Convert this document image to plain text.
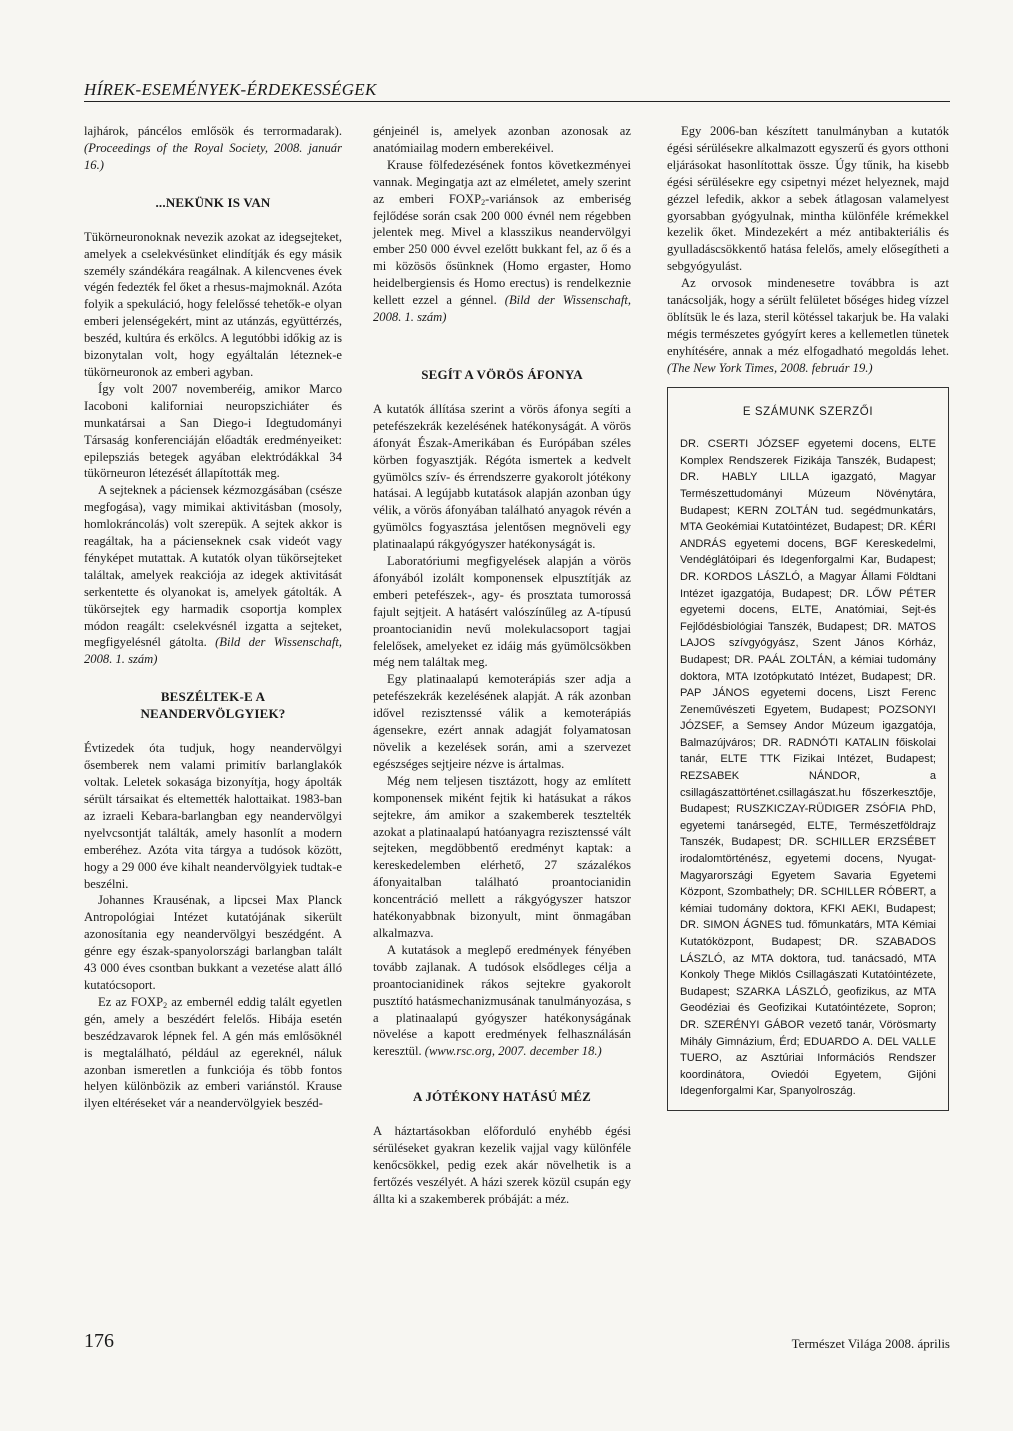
HÍREK-ESEMÉNYEK-ÉRDEKESSÉGEK

lajhárok, páncélos emlősök és terrormadarak). (Proceedings of the Royal Society, 2008. január 16.)

...NEKÜNK IS VAN

Tükörneuronoknak nevezik azokat az idegsejteket, amelyek a cselekvésünket elindítják és egy másik személy szándékára reagálnak. A kilencvenes évek végén fedezték fel őket a rhesus-majmoknál. Azóta folyik a spekuláció, hogy felelőssé tehetők-e olyan emberi jelenségekért, mint az utánzás, együttérzés, beszéd, kultúra és erkölcs. A legutóbbi időkig az is bizonytalan volt, hogy egyáltalán léteznek-e tükörneuronok az emberi agyban.

Így volt 2007 novemberéig, amikor Marco Iacoboni kaliforniai neuropszichiáter és munkatársai a San Diego-i Idegtudományi Társaság konferenciáján előadták eredményeiket: epilepsziás betegek agyában elektródákkal 34 tükörneuron létezését állapították meg.

A sejteknek a páciensek kézmozgásában (csésze megfogása), vagy mimikai aktivitásban (mosoly, homlokráncolás) volt szerepük. A sejtek akkor is reagáltak, ha a pácienseknek csak videót vagy fényképet mutattak. A kutatók olyan tükörsejteket találtak, amelyek reakciója az idegek aktivitását serkentette és olyanokat is, amelyek gátolták. A tükörsejtek egy harmadik csoportja komplex módon reagált: cselekvésnél izgatta a sejteket, megfigyelésnél gátolta. (Bild der Wissenschaft, 2008. 1. szám)

BESZÉLTEK-E A
NEANDERVÖLGYIEK?

Évtizedek óta tudjuk, hogy neandervölgyi ősemberek nem valami primitív barlanglakók voltak. Leletek sokasága bizonyítja, hogy ápolták sérült társaikat és eltemették halottaikat. 1983-ban az izraeli Kebara-barlangban egy neandervölgyi nyelvcsontját találták, amely hasonlít a modern emberéhez. Azóta vita tárgya a tudósok között, hogy a 29 000 éve kihalt neandervölgyiek tudtak-e beszélni.

Johannes Krausénak, a lipcsei Max Planck Antropológiai Intézet kutatójának sikerült azonosítania egy neandervölgyi beszédgént. A génre egy észak-spanyolországi barlangban talált 43 000 éves csontban bukkant a vezetése alatt álló kutatócsoport.

Ez az $FOXP_2$ az embernél eddig talált egyetlen gén, amely a beszédért felelős. Hibája esetén beszédzavarok lépnek fel. A gén más emlősöknél is megtalálható, például az egereknél, náluk azonban ismeretlen a funkciója és több fontos helyen különbözik az emberi variánstól. Krause ilyen eltéréseket vár a neandervölgyiek beszéd-

génjeinél is, amelyek azonban azonosak az anatómiailag modern emberekéivel.

Krause fölfedezésének fontos következményei vannak. Megingatja azt az elméletet, amely szerint az emberi $FOXP_2$-variánsok az emberiség fejlődése során csak 200 000 évnél nem régebben jelentek meg. Mivel a klasszikus neandervölgyi ember 250 000 évvel ezelőtt bukkant fel, az ő és a mi közösös ősünknek (Homo ergaster, Homo heidelbergiensis és Homo erectus) is rendelkeznie kellett ezzel a génnel. (Bild der Wissenschaft, 2008. 1. szám)

SEGÍT A VÖRÖS ÁFONYA

A kutatók állítása szerint a vörös áfonya segíti a petefészekrák kezelésének hatékonyságát. A vörös áfonyát Észak-Amerikában és Európában széles körben fogyasztják. Régóta ismertek a kedvelt gyümölcs szív- és érrendszerre gyakorolt jótékony hatásai. A legújabb kutatások alapján azonban úgy vélik, a vörös áfonyában található anyagok révén a gyümölcs fogyasztása jelentősen megnöveli egy platinaalapú rákgyógyszer hatékonyságát is.

Laboratóriumi megfigyelések alapján a vörös áfonyából izolált komponensek elpusztítják az emberi petefészek-, agy- és prosztata tumorossá fajult sejtjeit. A hatásért valószínűleg az A-típusú proantocianidin nevű molekulacsoport tagjai felelősek, amelyeket ez idáig más gyümölcsökben még nem találtak meg.

Egy platinaalapú kemoterápiás szer adja a petefészekrák kezelésének alapját. A rák azonban idővel rezisztenssé válik a kemoterápiás ágensekre, ezért annak adagját folyamatosan növelik a kezelések során, ami a szervezet egészséges sejtjeire nézve is ártalmas.

Még nem teljesen tisztázott, hogy az említett komponensek miként fejtik ki hatásukat a rákos sejtekre, ám amikor a szakemberek tesztelték azokat a platinaalapú hatóanyagra rezisztenssé vált sejteken, megdöbbentő eredményt kaptak: a kereskedelemben elérhető, 27 százalékos áfonyaitalban található proantocianidin koncentráció mellett a rákgyógyszer hatszor hatékonyabbnak bizonyult, mint önmagában alkalmazva.

A kutatások a meglepő eredmények fényében tovább zajlanak. A tudósok elsődleges célja a proantocianidinek rákos sejtekre gyakorolt pusztító hatásmechanizmusának tanulmányozása, s a platinaalapú gyógyszer hatékonyságának növelése a kapott eredmények felhasználásán keresztül. (www.rsc.org, 2007. december 18.)

A JÓTÉKONY HATÁSÚ MÉZ

A háztartásokban előforduló enyhébb égési sérüléseket gyakran kezelik vajjal vagy különféle kenőcsökkel, pedig ezek akár növelhetik is a fertőzés veszélyét. A házi szerek közül csupán egy állta ki a szakemberek próbáját: a méz.

Egy 2006-ban készített tanulmányban a kutatók égési sérülésekre alkalmazott egyszerű és gyors otthoni eljárásokat hasonlítottak össze. Úgy tűnik, ha kisebb égési sérülésekre egy csipetnyi mézet helyeznek, majd gézzel lefedik, akkor a sebek átlagosan valamelyest gyorsabban gyógyulnak, mintha különféle krémekkel kezelik őket. Mindezekért a méz antibakteriális és gyulladáscsökkentő hatása felelős, amely elősegítheti a sebgyógyulást.

Az orvosok mindenesetre továbbra is azt tanácsolják, hogy a sérült felületet bőséges hideg vízzel öblítsük le és laza, steril kötéssel takarjuk be. Ha valaki mégis természetes gyógyírt keres a kellemetlen tünetek enyhítésére, annak a méz elfogadható megoldás lehet. (The New York Times, 2008. február 19.)

E SZÁMUNK SZERZŐI
DR. CSERTI JÓZSEF egyetemi docens, ELTE Komplex Rendszerek Fizikája Tanszék, Budapest; DR. HABLY LILLA igazgató, Magyar Természettudományi Múzeum Növénytára, Budapest; KERN ZOLTÁN tud. segédmunkatárs, MTA Geokémiai Kutatóintézet, Budapest; DR. KÉRI ANDRÁS egyetemi docens, BGF Kereskedelmi, Vendéglátóipari és Idegenforgalmi Kar, Budapest; DR. KORDOS LÁSZLÓ, a Magyar Állami Földtani Intézet igazgatója, Budapest; DR. LŐW PÉTER egyetemi docens, ELTE, Anatómiai, Sejt-és Fejlődésbiológiai Tanszék, Budapest; DR. MATOS LAJOS szívgyógyász, Szent János Kórház, Budapest; DR. PAÁL ZOLTÁN, a kémiai tudomány doktora, MTA Izotópkutató Intézet, Budapest; DR. PAP JÁNOS egyetemi docens, Liszt Ferenc Zeneművészeti Egyetem, Budapest; POZSONYI JÓZSEF, a Semsey Andor Múzeum igazgatója, Balmazújváros; DR. RADNÓTI KATALIN főiskolai tanár, ELTE TTK Fizikai Intézet, Budapest; REZSABEK NÁNDOR, a csillagászattörténet.csillagászat.hu főszerkesztője, Budapest; RUSZKICZAY-RÜDIGER ZSÓFIA PhD, egyetemi tanársegéd, ELTE, Természetföldrajz Tanszék, Budapest; DR. SCHILLER ERZSÉBET irodalomtörténész, egyetemi docens, Nyugat-Magyarországi Egyetem Savaria Egyetemi Központ, Szombathely; DR. SCHILLER RÓBERT, a kémiai tudomány doktora, KFKI AEKI, Budapest; DR. SIMON ÁGNES tud. főmunkatárs, MTA Kémiai Kutatóközpont, Budapest; DR. SZABADOS LÁSZLÓ, az MTA doktora, tud. tanácsadó, MTA Konkoly Thege Miklós Csillagászati Kutatóintézete, Budapest; SZARKA LÁSZLÓ, geofizikus, az MTA Geodéziai és Geofizikai Kutatóintézete, Sopron; DR. SZERÉNYI GÁBOR vezető tanár, Vörösmarty Mihály Gimnázium, Érd; EDUARDO A. DEL VALLE TUERO, az Asztúriai Információs Rendszer koordinátora, Oviedói Egyetem, Gijóni Idegenforgalmi Kar, Spanyolroszág.
176	Természet Világa 2008. április
